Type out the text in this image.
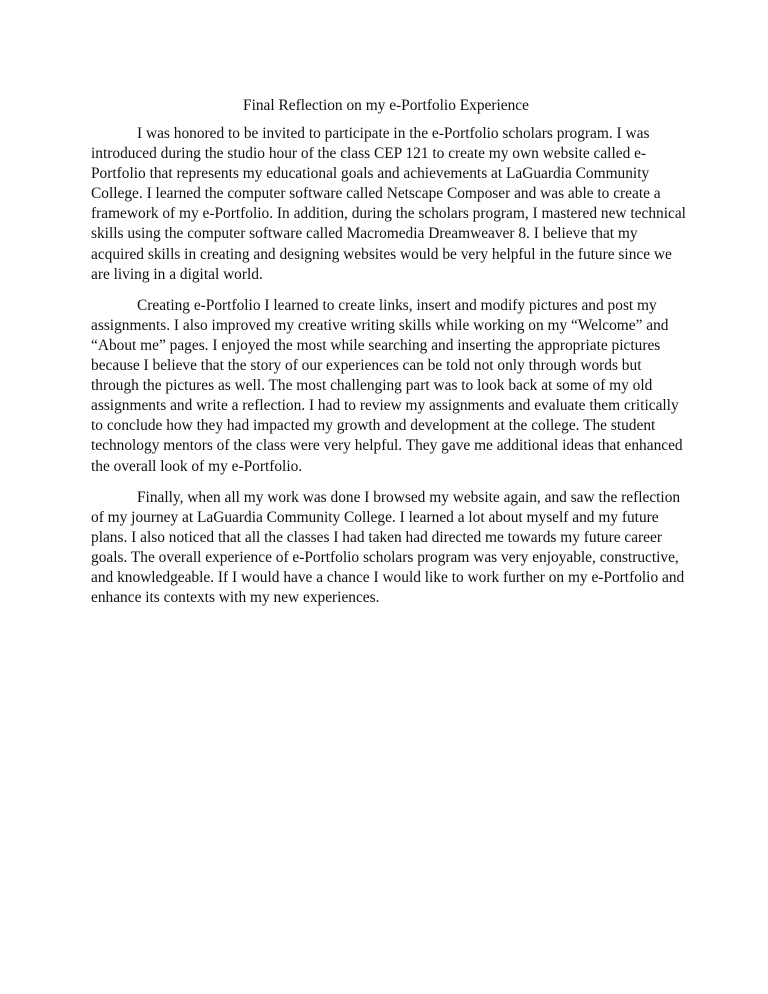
Final Reflection on my e-Portfolio Experience

I was honored to be invited to participate in the e-Portfolio scholars program. I was
introduced during the studio hour of the class CEP 121 to create my own website called e-
Portfolio that represents my educational goals and achievements at LaGuardia Community
College. I learned the computer software called Netscape Composer and was able to create a
framework of my e-Portfolio. In addition, during the scholars program, I mastered new technical
skills using the computer software called Macromedia Dreamweaver 8. I believe that my
acquired skills in creating and designing websites would be very helpful in the future since we
are living in a digital world.

Creating e-Portfolio I learned to create links, insert and modify pictures and post my
assignments. I also improved my creative writing skills while working on my “Welcome” and
“About me” pages. I enjoyed the most while searching and inserting the appropriate pictures
because I believe that the story of our experiences can be told not only through words but
through the pictures as well. The most challenging part was to look back at some of my old
assignments and write a reflection. I had to review my assignments and evaluate them critically
to conclude how they had impacted my growth and development at the college. The student
technology mentors of the class were very helpful. They gave me additional ideas that enhanced
the overall look of my e-Portfolio.

Finally, when all my work was done I browsed my website again, and saw the reflection
of my journey at LaGuardia Community College. I learned a lot about myself and my future
plans. I also noticed that all the classes I had taken had directed me towards my future career
goals. The overall experience of e-Portfolio scholars program was very enjoyable, constructive,
and knowledgeable. If I would have a chance I would like to work further on my e-Portfolio and
enhance its contexts with my new experiences.
